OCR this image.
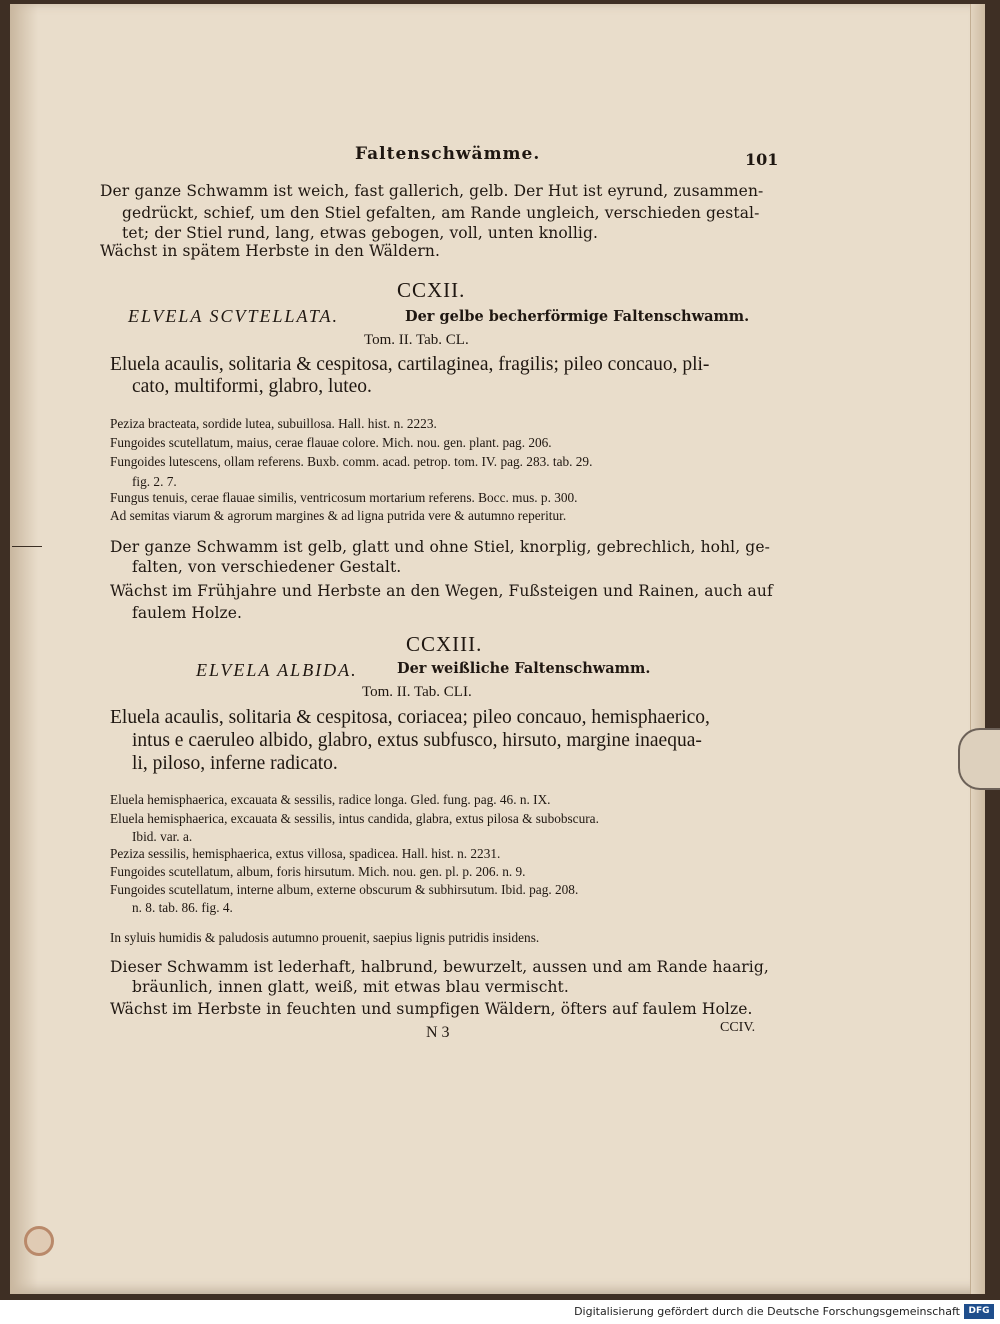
Faltenschwämme.	101
Der ganze Schwamm ist weich, fast gallerich, gelb. Der Hut ist eyrund, zusammen-
gedrückt, schief, um den Stiel gefalten, am Rande ungleich, verschieden gestal-
tet; der Stiel rund, lang, etwas gebogen, voll, unten knollig.
Wächst in spätem Herbste in den Wäldern.
CCXII.
ELVELA SCVTELLATA.	Der gelbe becherförmige Faltenschwamm.
Tom. II. Tab. CL.
Eluela acaulis, solitaria & cespitosa, cartilaginea, fragilis; pileo concauo, pli-
cato, multiformi, glabro, luteo.
Peziza bracteata, sordide lutea, subuillosa. Hall. hist. n. 2223.
Fungoides scutellatum, maius, cerae flauae colore. Mich. nou. gen. plant. pag. 206.
Fungoides lutescens, ollam referens. Buxb. comm. acad. petrop. tom. IV. pag. 283. tab. 29.
fig. 2. 7.
Fungus tenuis, cerae flauae similis, ventricosum mortarium referens. Bocc. mus. p. 300.
Ad semitas viarum & agrorum margines & ad ligna putrida vere & autumno reperitur.
Der ganze Schwamm ist gelb, glatt und ohne Stiel, knorplig, gebrechlich, hohl, ge-
falten, von verschiedener Gestalt.
Wächst im Frühjahre und Herbste an den Wegen, Fußsteigen und Rainen, auch auf
faulem Holze.
CCXIII.
ELVELA ALBIDA.	Der weißliche Faltenschwamm.
Tom. II. Tab. CLI.
Eluela acaulis, solitaria & cespitosa, coriacea; pileo concauo, hemisphaerico,
intus e caeruleo albido, glabro, extus subfusco, hirsuto, margine inaequa-
li, piloso, inferne radicato.
Eluela hemisphaerica, excauata & sessilis, radice longa. Gled. fung. pag. 46. n. IX.
Eluela hemisphaerica, excauata & sessilis, intus candida, glabra, extus pilosa & subobscura.
Ibid. var. a.
Peziza sessilis, hemisphaerica, extus villosa, spadicea. Hall. hist. n. 2231.
Fungoides scutellatum, album, foris hirsutum. Mich. nou. gen. pl. p. 206. n. 9.
Fungoides scutellatum, interne album, externe obscurum & subhirsutum. Ibid. pag. 208.
n. 8. tab. 86. fig. 4.
In syluis humidis & paludosis autumno prouenit, saepius lignis putridis insidens.
Dieser Schwamm ist lederhaft, halbrund, bewurzelt, aussen und am Rande haarig,
bräunlich, innen glatt, weiß, mit etwas blau vermischt.
Wächst im Herbste in feuchten und sumpfigen Wäldern, öfters auf faulem Holze.
N 3	CCIV.
Digitalisierung gefördert durch die Deutsche Forschungsgemeinschaft DFG
